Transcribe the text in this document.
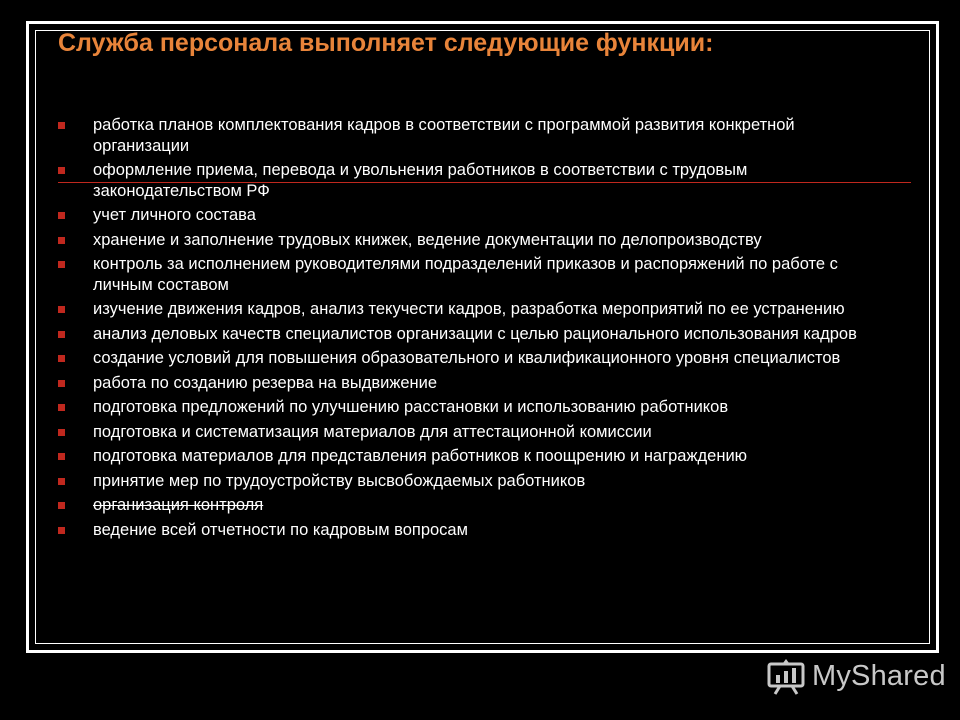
Служба персонала выполняет следующие функции:
работка планов комплектования кадров в соответствии с программой развития конкретной организации
оформление приема, перевода и увольнения работников в соответствии с трудовым законодательством РФ
учет личного состава
хранение и заполнение трудовых книжек, ведение документации по делопроизводству
контроль за исполнением руководителями подразделений приказов и распоряжений по работе с личным составом
изучение движения кадров, анализ текучести кадров, разработка мероприятий по ее устранению
анализ деловых качеств специалистов организации с целью рационального использования кадров
создание условий для повышения образовательного и квалификационного уровня специалистов
работа по созданию резерва на выдвижение
подготовка предложений по улучшению расстановки и использованию работников
подготовка и систематизация материалов для аттестационной комиссии
подготовка материалов для представления работников к поощрению и награждению
принятие мер по трудоустройству высвобождаемых работников
организация контроля
ведение всей отчетности по кадровым вопросам
MyShared
